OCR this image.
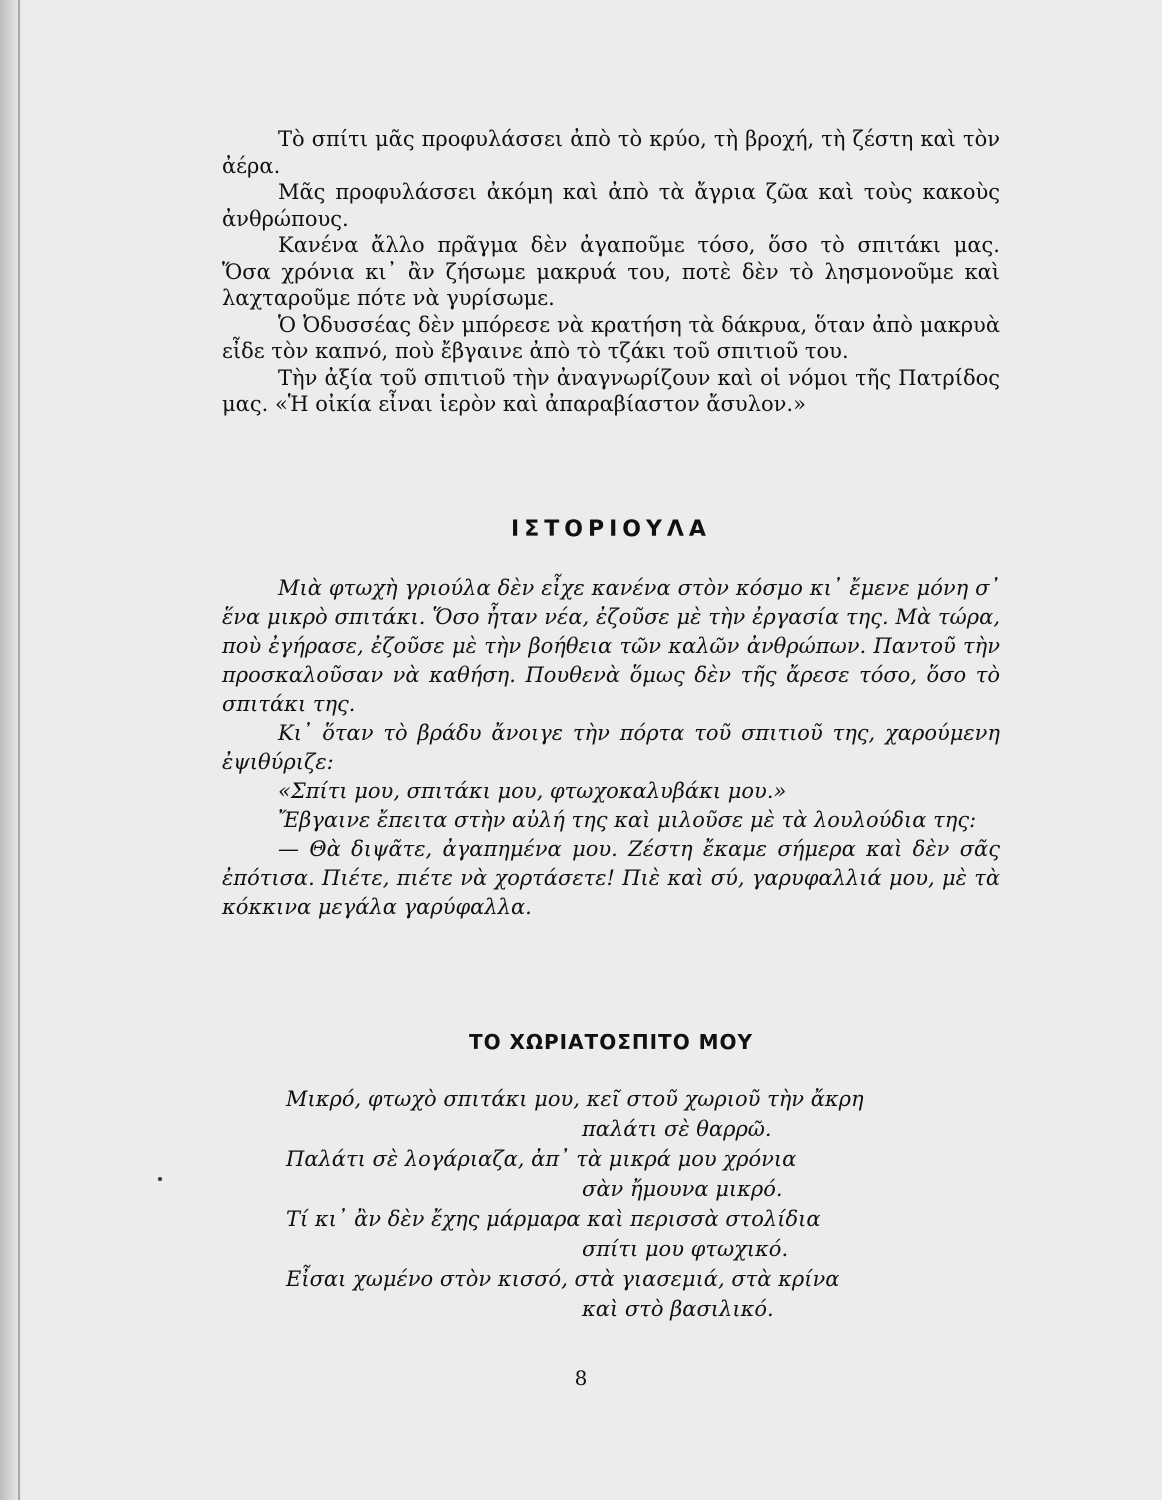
Τὸ σπίτι μᾶς προφυλάσσει ἀπὸ τὸ κρύο, τὴ βροχή, τὴ ζέστη καὶ τὸν ἀέρα.

Μᾶς προφυλάσσει ἀκόμη καὶ ἀπὸ τὰ ἄγρια ζῶα καὶ τοὺς κακοὺς ἀνθρώπους.

Κανένα ἄλλο πρᾶγμα δὲν ἀγαποῦμε τόσο, ὅσο τὸ σπιτάκι μας. Ὅσα χρόνια κι᾽ ἂν ζήσωμε μακρυά του, ποτὲ δὲν τὸ λησμονοῦμε καὶ λαχταροῦμε πότε νὰ γυρίσωμε.

Ὁ Ὀδυσσέας δὲν μπόρεσε νὰ κρατήση τὰ δάκρυα, ὅταν ἀπὸ μακρυὰ εἶδε τὸν καπνό, ποὺ ἔβγαινε ἀπὸ τὸ τζάκι τοῦ σπιτιοῦ του.

Τὴν ἀξία τοῦ σπιτιοῦ τὴν ἀναγνωρίζουν καὶ οἱ νόμοι τῆς Πατρίδος μας. «Ἡ οἰκία εἶναι ἱερὸν καὶ ἀπαραβίαστον ἄσυλον.»

ΙΣΤΟΡΙΟΥΛΑ

Μιὰ φτωχὴ γριούλα δὲν εἶχε κανένα στὸν κόσμο κι᾽ ἔμενε μόνη σ᾽ ἕνα μικρὸ σπιτάκι. Ὅσο ἦταν νέα, ἐζοῦσε μὲ τὴν ἐργασία της. Μὰ τώρα, ποὺ ἐγήρασε, ἐζοῦσε μὲ τὴν βοήθεια τῶν καλῶν ἀνθρώπων. Παντοῦ τὴν προσκαλοῦσαν νὰ καθήση. Πουθενὰ ὅμως δὲν τῆς ἄρεσε τόσο, ὅσο τὸ σπιτάκι της.

Κι᾽ ὅταν τὸ βράδυ ἄνοιγε τὴν πόρτα τοῦ σπιτιοῦ της, χαρούμενη ἐψιθύριζε:

«Σπίτι μου, σπιτάκι μου, φτωχοκαλυβάκι μου.»

Ἔβγαινε ἔπειτα στὴν αὐλή της καὶ μιλοῦσε μὲ τὰ λουλούδια της:

— Θὰ διψᾶτε, ἀγαπημένα μου. Ζέστη ἔκαμε σήμερα καὶ δὲν σᾶς ἐπότισα. Πιέτε, πιέτε νὰ χορτάσετε! Πιὲ καὶ σύ, γαρυφαλλιά μου, μὲ τὰ κόκκινα μεγάλα γαρύφαλλα.

ΤΟ ΧΩΡΙΑΤΟΣΠΙΤΟ ΜΟΥ
Μικρό, φτωχὸ σπιτάκι μου, κεῖ στοῦ χωριοῦ τὴν ἄκρη
παλάτι σὲ θαρρῶ.
Παλάτι σὲ λογάριαζα, ἀπ᾽ τὰ μικρά μου χρόνια
σὰν ἤμουνα μικρό.
Τί κι᾽ ἂν δὲν ἔχης μάρμαρα καὶ περισσὰ στολίδια
σπίτι μου φτωχικό.
Εἶσαι χωμένο στὸν κισσό, στὰ γιασεμιά, στὰ κρίνα
καὶ στὸ βασιλικό.
8
